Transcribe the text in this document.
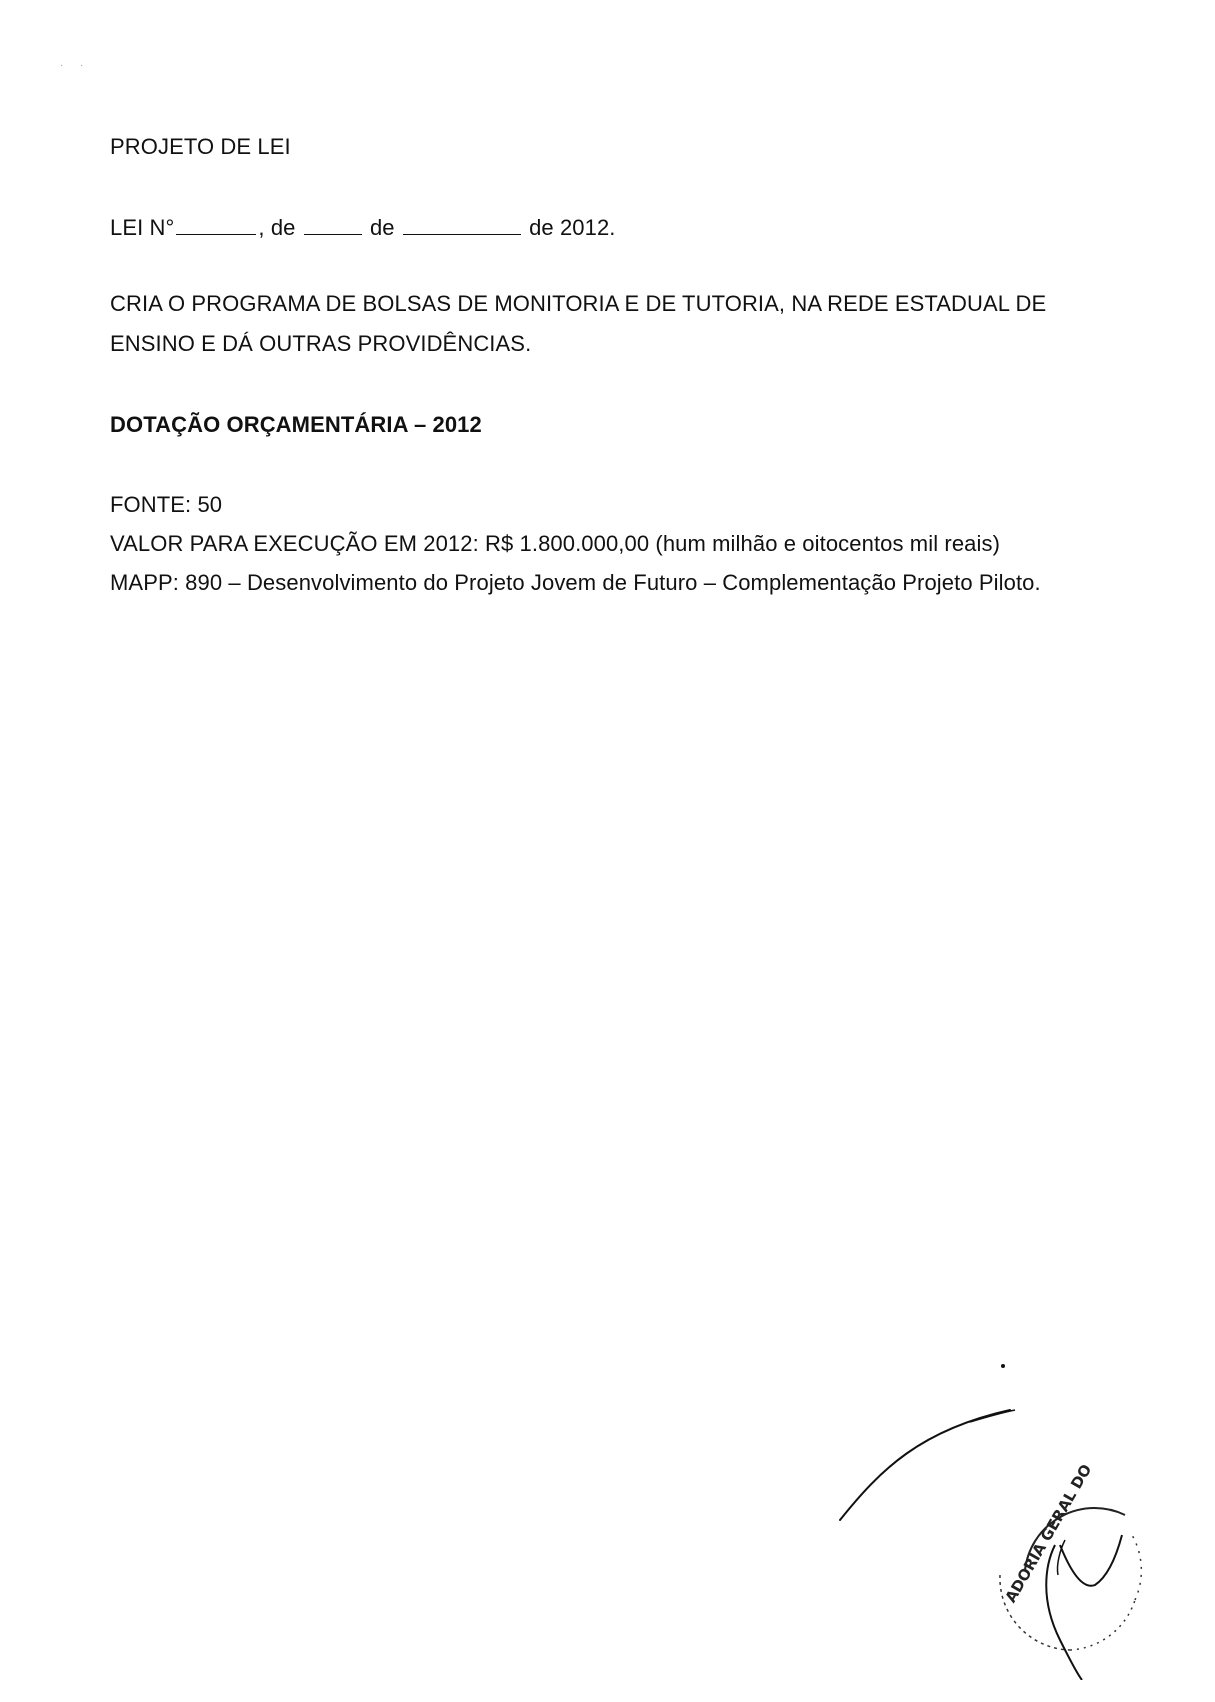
·      ·
PROJETO DE LEI
LEI N°	, de	de	de 2012.
CRIA O PROGRAMA DE BOLSAS DE MONITORIA E DE TUTORIA, NA REDE ESTADUAL DE
ENSINO E DÁ OUTRAS PROVIDÊNCIAS.
DOTAÇÃO ORÇAMENTÁRIA – 2012
FONTE: 50
VALOR PARA EXECUÇÃO EM 2012: R$ 1.800.000,00 (hum milhão e oitocentos mil reais)
MAPP: 890 – Desenvolvimento do Projeto Jovem de Futuro – Complementação Projeto Piloto.
ADORIA GERAL DO
